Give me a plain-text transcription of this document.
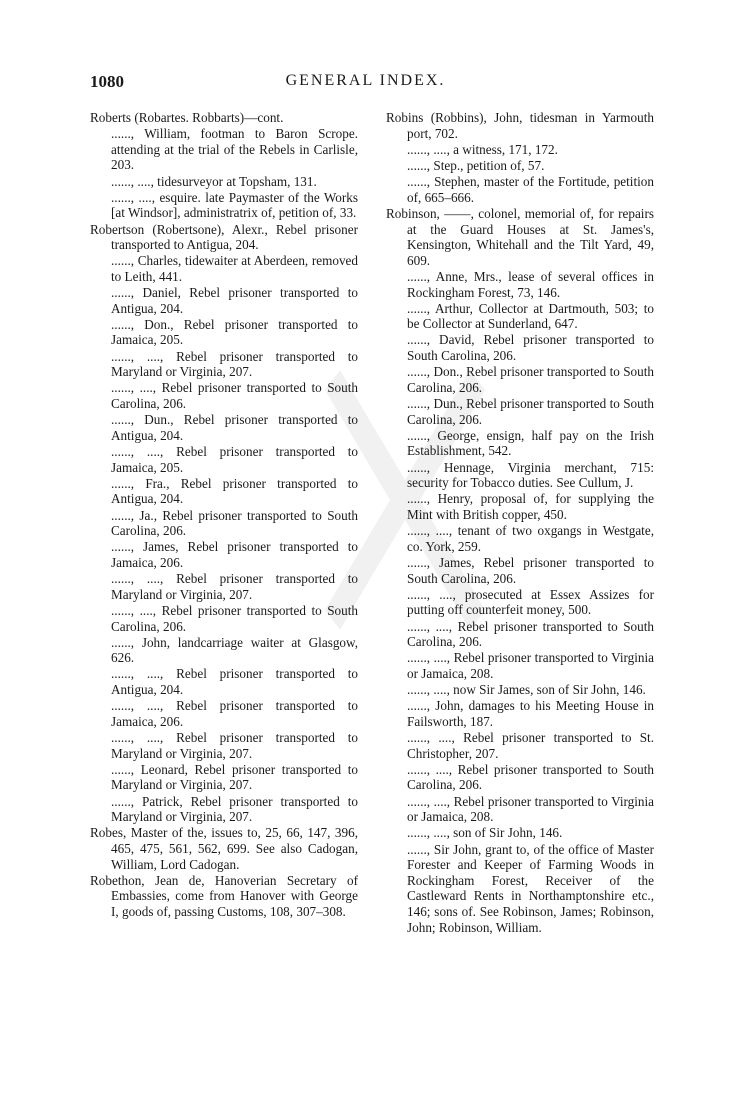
1080	GENERAL INDEX.
Roberts (Robartes. Robbarts)—cont.
......, William, footman to Baron Scrope. attending at the trial of the Rebels in Carlisle, 203.
......, ...., tidesurveyor at Topsham, 131.
......, ...., esquire. late Paymaster of the Works [at Windsor], administratrix of, petition of, 33.
Robertson (Robertsone), Alexr., Rebel prisoner transported to Antigua, 204.
......, Charles, tidewaiter at Aberdeen, removed to Leith, 441.
......, Daniel, Rebel prisoner transported to Antigua, 204.
......, Don., Rebel prisoner transported to Jamaica, 205.
......, ...., Rebel prisoner transported to Maryland or Virginia, 207.
......, ...., Rebel prisoner transported to South Carolina, 206.
......, Dun., Rebel prisoner transported to Antigua, 204.
......, ...., Rebel prisoner transported to Jamaica, 205.
......, Fra., Rebel prisoner transported to Antigua, 204.
......, Ja., Rebel prisoner transported to South Carolina, 206.
......, James, Rebel prisoner transported to Jamaica, 206.
......, ...., Rebel prisoner transported to Maryland or Virginia, 207.
......, ...., Rebel prisoner transported to South Carolina, 206.
......, John, landcarriage waiter at Glasgow, 626.
......, ...., Rebel prisoner transported to Antigua, 204.
......, ...., Rebel prisoner transported to Jamaica, 206.
......, ...., Rebel prisoner transported to Maryland or Virginia, 207.
......, Leonard, Rebel prisoner transported to Maryland or Virginia, 207.
......, Patrick, Rebel prisoner transported to Maryland or Virginia, 207.
Robes, Master of the, issues to, 25, 66, 147, 396, 465, 475, 561, 562, 699. See also Cadogan, William, Lord Cadogan.
Robethon, Jean de, Hanoverian Secretary of Embassies, come from Hanover with George I, goods of, passing Customs, 108, 307–308.
Robins (Robbins), John, tidesman in Yarmouth port, 702.
......, ...., a witness, 171, 172.
......, Step., petition of, 57.
......, Stephen, master of the Fortitude, petition of, 665–666.
Robinson, ——, colonel, memorial of, for repairs at the Guard Houses at St. James's, Kensington, Whitehall and the Tilt Yard, 49, 609.
......, Anne, Mrs., lease of several offices in Rockingham Forest, 73, 146.
......, Arthur, Collector at Dartmouth, 503; to be Collector at Sunderland, 647.
......, David, Rebel prisoner transported to South Carolina, 206.
......, Don., Rebel prisoner transported to South Carolina, 206.
......, Dun., Rebel prisoner transported to South Carolina, 206.
......, George, ensign, half pay on the Irish Establishment, 542.
......, Hennage, Virginia merchant, 715: security for Tobacco duties. See Cullum, J.
......, Henry, proposal of, for supplying the Mint with British copper, 450.
......, ...., tenant of two oxgangs in Westgate, co. York, 259.
......, James, Rebel prisoner transported to South Carolina, 206.
......, ...., prosecuted at Essex Assizes for putting off counterfeit money, 500.
......, ...., Rebel prisoner transported to South Carolina, 206.
......, ...., Rebel prisoner transported to Virginia or Jamaica, 208.
......, ...., now Sir James, son of Sir John, 146.
......, John, damages to his Meeting House in Failsworth, 187.
......, ...., Rebel prisoner transported to St. Christopher, 207.
......, ...., Rebel prisoner transported to South Carolina, 206.
......, ...., Rebel prisoner transported to Virginia or Jamaica, 208.
......, ...., son of Sir John, 146.
......, Sir John, grant to, of the office of Master Forester and Keeper of Farming Woods in Rockingham Forest, Receiver of the Castleward Rents in Northamptonshire etc., 146; sons of. See Robinson, James; Robinson, John; Robinson, William.
